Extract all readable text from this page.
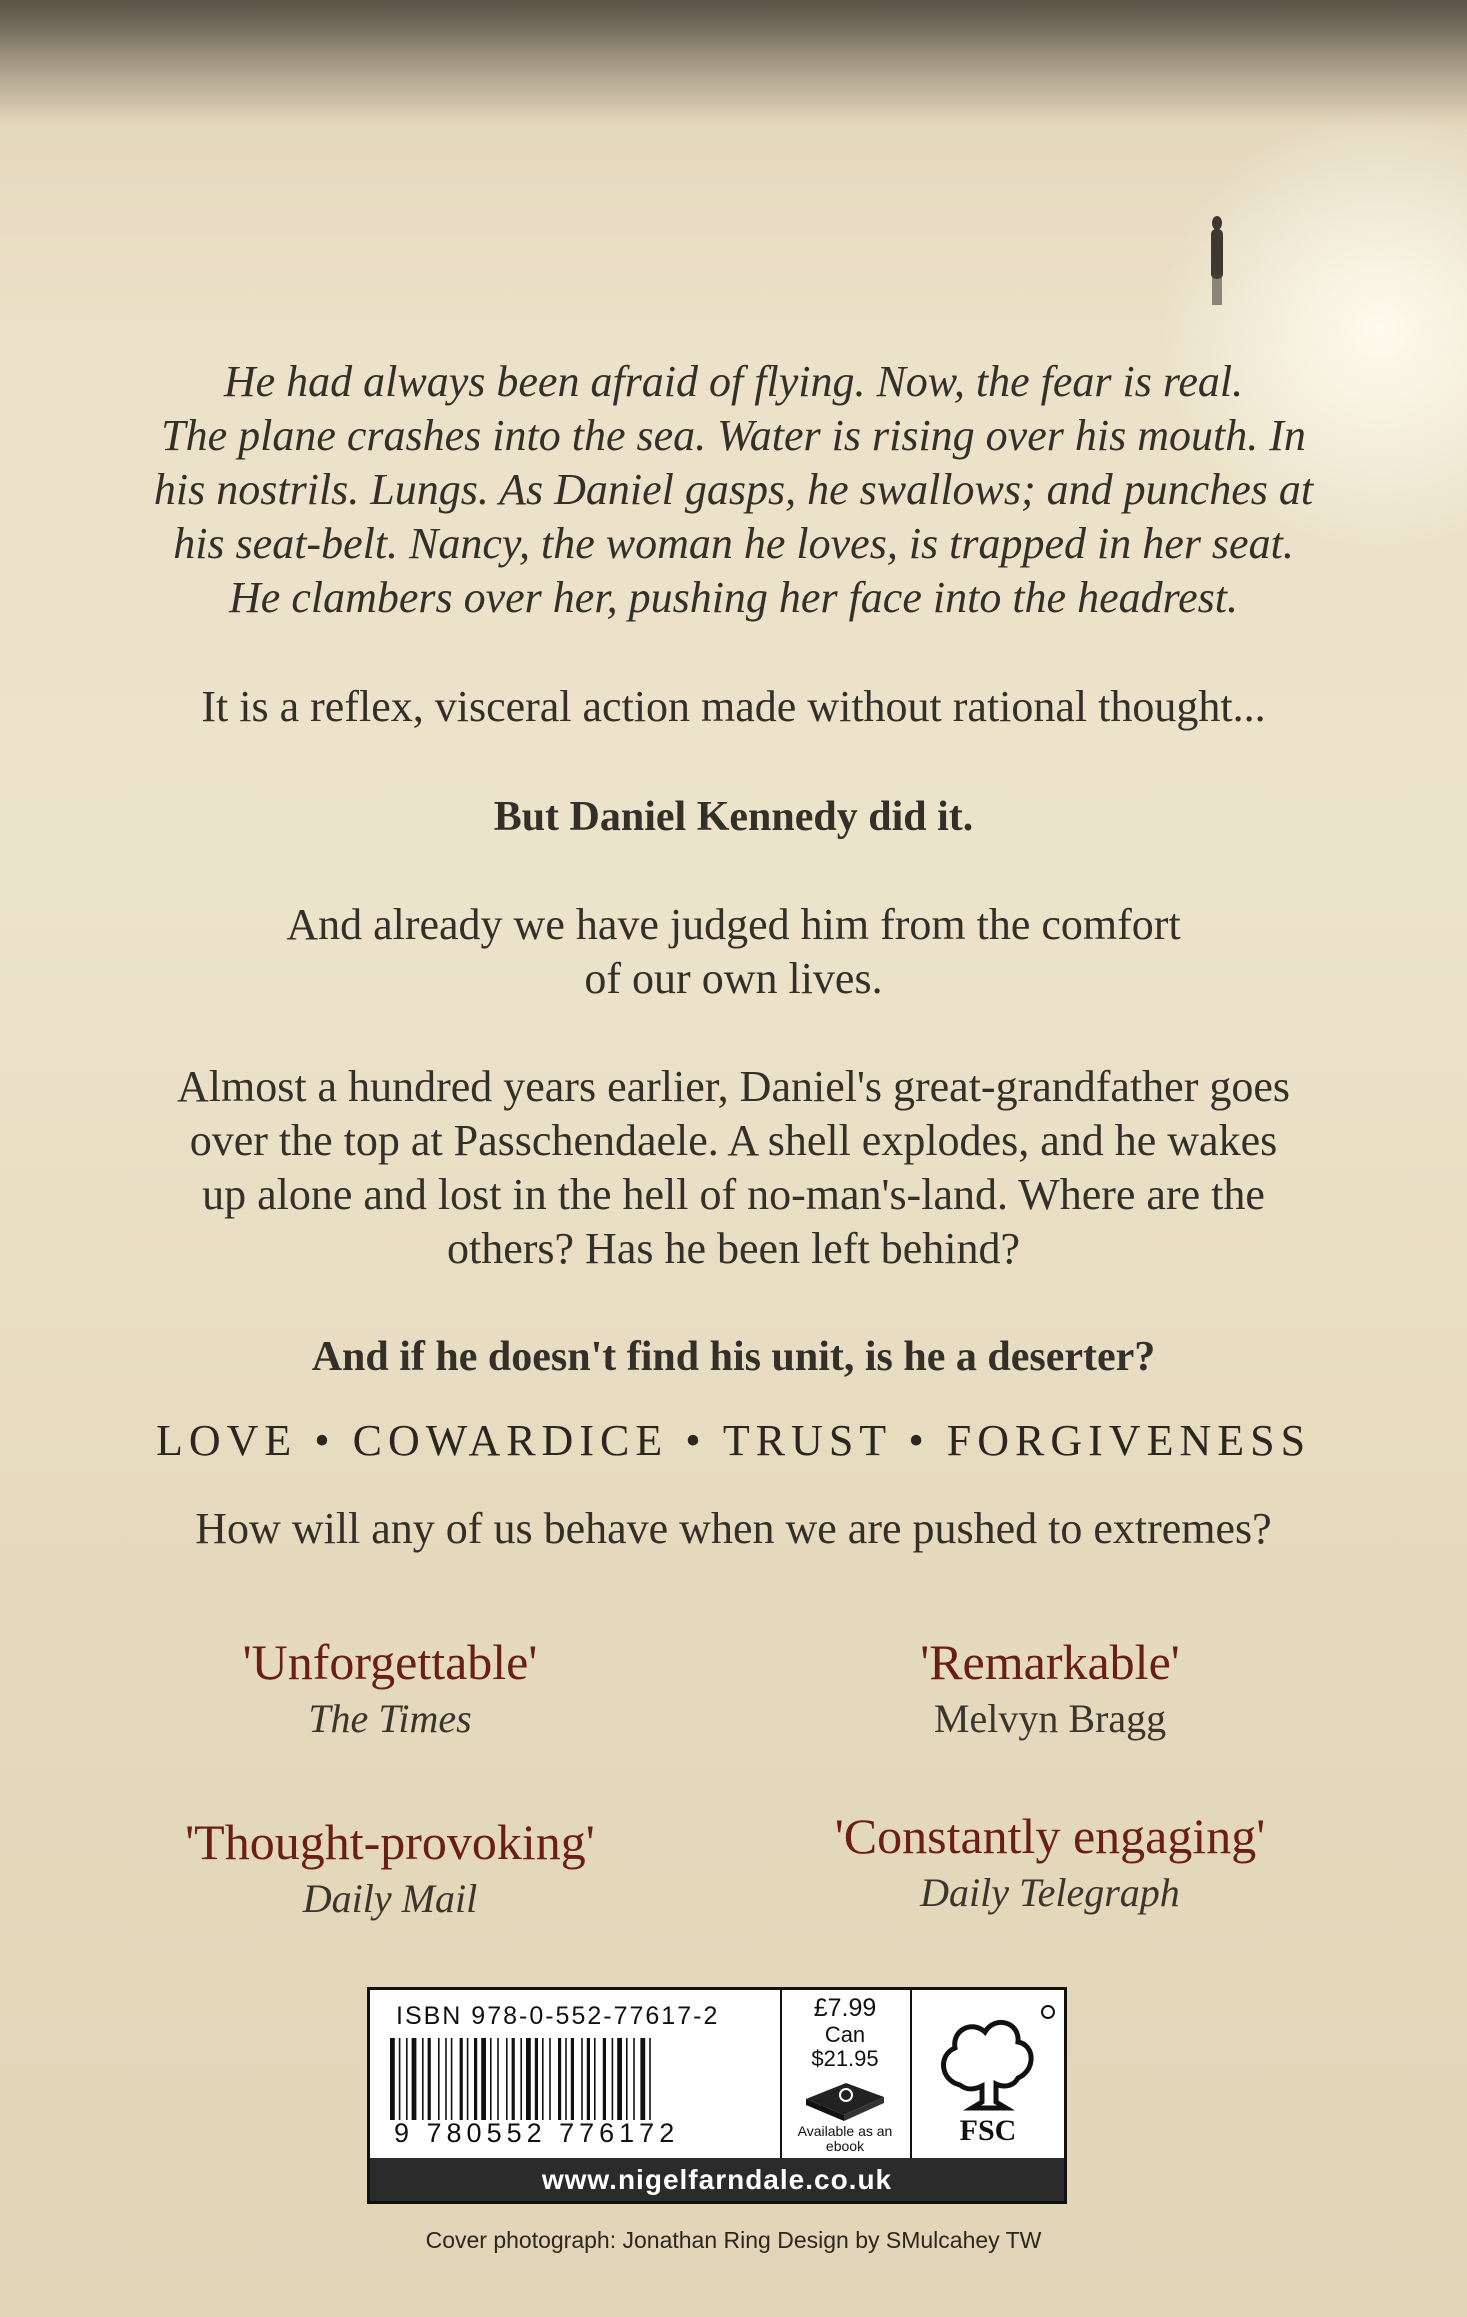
He had always been afraid of flying. Now, the fear is real.
The plane crashes into the sea. Water is rising over his mouth. In
his nostrils. Lungs. As Daniel gasps, he swallows; and punches at
his seat-belt. Nancy, the woman he loves, is trapped in her seat.
He clambers over her, pushing her face into the headrest.
It is a reflex, visceral action made without rational thought...
But Daniel Kennedy did it.
And already we have judged him from the comfort
of our own lives.
Almost a hundred years earlier, Daniel's great-grandfather goes
over the top at Passchendaele. A shell explodes, and he wakes
up alone and lost in the hell of no-man's-land. Where are the
others? Has he been left behind?
And if he doesn't find his unit, is he a deserter?
LOVE • COWARDICE • TRUST • FORGIVENESS
How will any of us behave when we are pushed to extremes?
'Unforgettable'
The Times
'Remarkable'
Melvyn Bragg
'Thought-provoking'
Daily Mail
'Constantly engaging'
Daily Telegraph
ISBN 978-0-552-77617-2
9 780552 776172
£7.99
Can
$21.95
Available as an ebook	FSC
www.nigelfarndale.co.uk
Cover photograph: Jonathan Ring Design by SMulcahey TW
